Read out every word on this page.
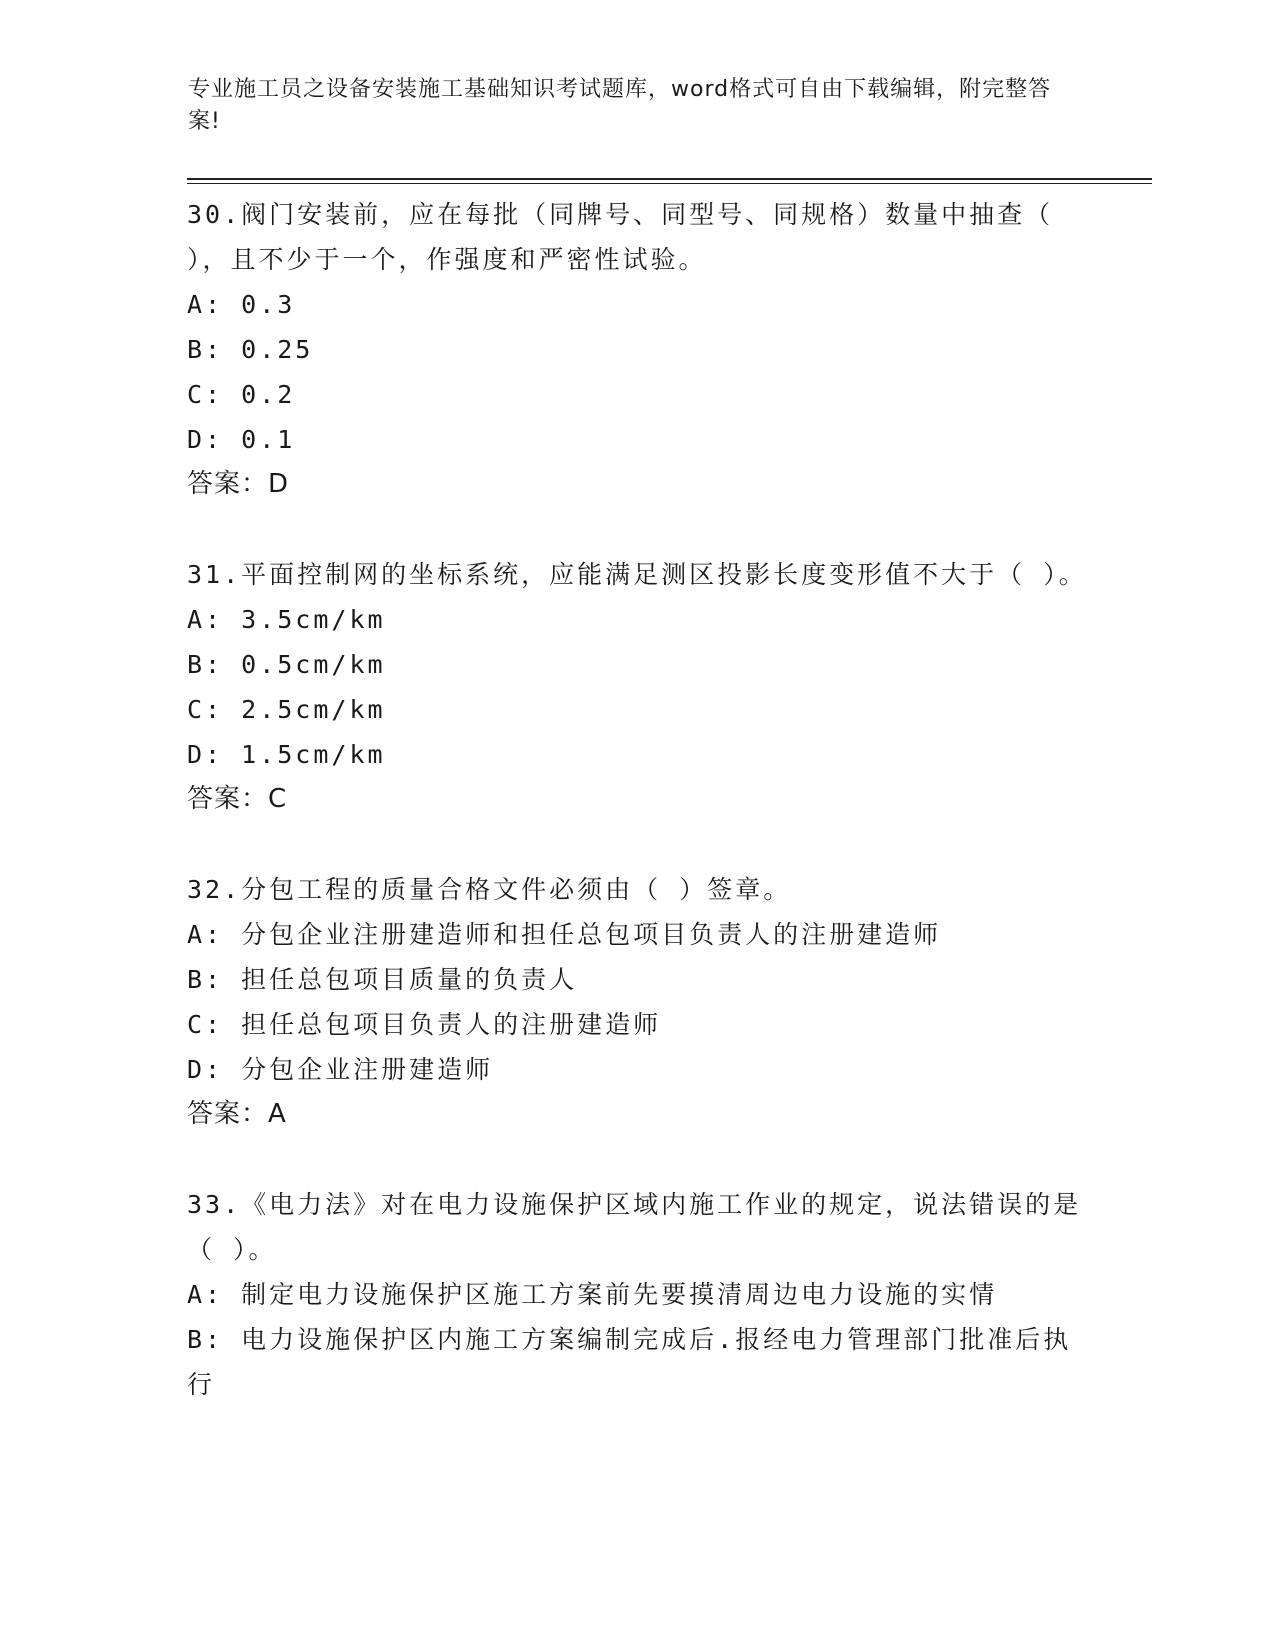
专业施工员之设备安装施工基础知识考试题库，word格式可自由下载编辑，附完整答案!

30.阀门安装前，应在每批（同牌号、同型号、同规格）数量中抽查（ ），且不少于一个，作强度和严密性试验。

A: 0.3

B: 0.25

C: 0.2

D: 0.1

答案：D

31.平面控制网的坐标系统，应能满足测区投影长度变形值不大于（ ）。

A: 3.5cm/km

B: 0.5cm/km

C: 2.5cm/km

D: 1.5cm/km

答案：C

32.分包工程的质量合格文件必须由（ ）签章。

A: 分包企业注册建造师和担任总包项目负责人的注册建造师

B: 担任总包项目质量的负责人

C: 担任总包项目负责人的注册建造师

D: 分包企业注册建造师

答案：A

33.《电力法》对在电力设施保护区域内施工作业的规定，说法错误的是（ ）。

A: 制定电力设施保护区施工方案前先要摸清周边电力设施的实情

B: 电力设施保护区内施工方案编制完成后.报经电力管理部门批准后执行
